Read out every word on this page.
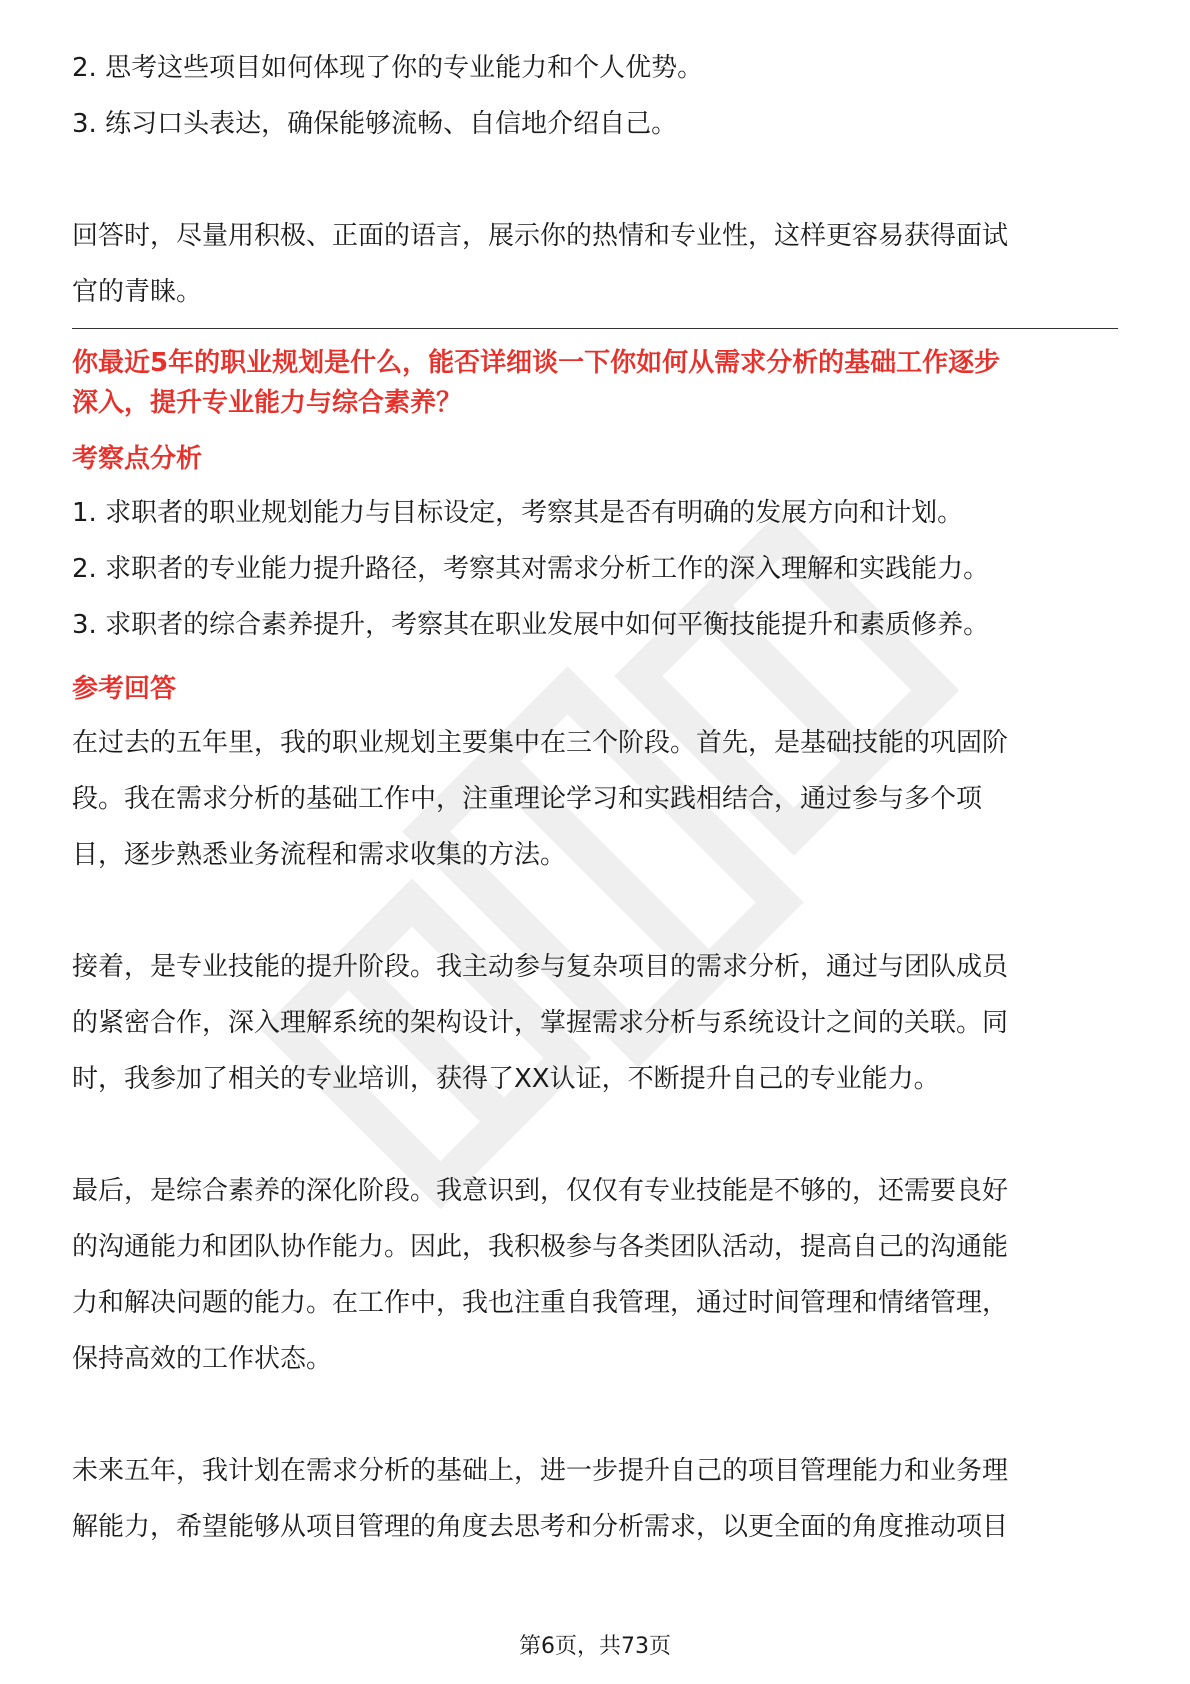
2. 思考这些项目如何体现了你的专业能力和个人优势。

3. 练习口头表达，确保能够流畅、自信地介绍自己。

回答时，尽量用积极、正面的语言，展示你的热情和专业性，这样更容易获得面试

官的青睐。

你最近5年的职业规划是什么，能否详细谈一下你如何从需求分析的基础工作逐步

深入，提升专业能力与综合素养？

考察点分析

1. 求职者的职业规划能力与目标设定，考察其是否有明确的发展方向和计划。

2. 求职者的专业能力提升路径，考察其对需求分析工作的深入理解和实践能力。

3. 求职者的综合素养提升，考察其在职业发展中如何平衡技能提升和素质修养。

参考回答

在过去的五年里，我的职业规划主要集中在三个阶段。首先，是基础技能的巩固阶

段。我在需求分析的基础工作中，注重理论学习和实践相结合，通过参与多个项

目，逐步熟悉业务流程和需求收集的方法。

接着，是专业技能的提升阶段。我主动参与复杂项目的需求分析，通过与团队成员

的紧密合作，深入理解系统的架构设计，掌握需求分析与系统设计之间的关联。同

时，我参加了相关的专业培训，获得了XX认证，不断提升自己的专业能力。

最后，是综合素养的深化阶段。我意识到，仅仅有专业技能是不够的，还需要良好

的沟通能力和团队协作能力。因此，我积极参与各类团队活动，提高自己的沟通能

力和解决问题的能力。在工作中，我也注重自我管理，通过时间管理和情绪管理，

保持高效的工作状态。

未来五年，我计划在需求分析的基础上，进一步提升自己的项目管理能力和业务理

解能力，希望能够从项目管理的角度去思考和分析需求，以更全面的角度推动项目

第6页，共73页
